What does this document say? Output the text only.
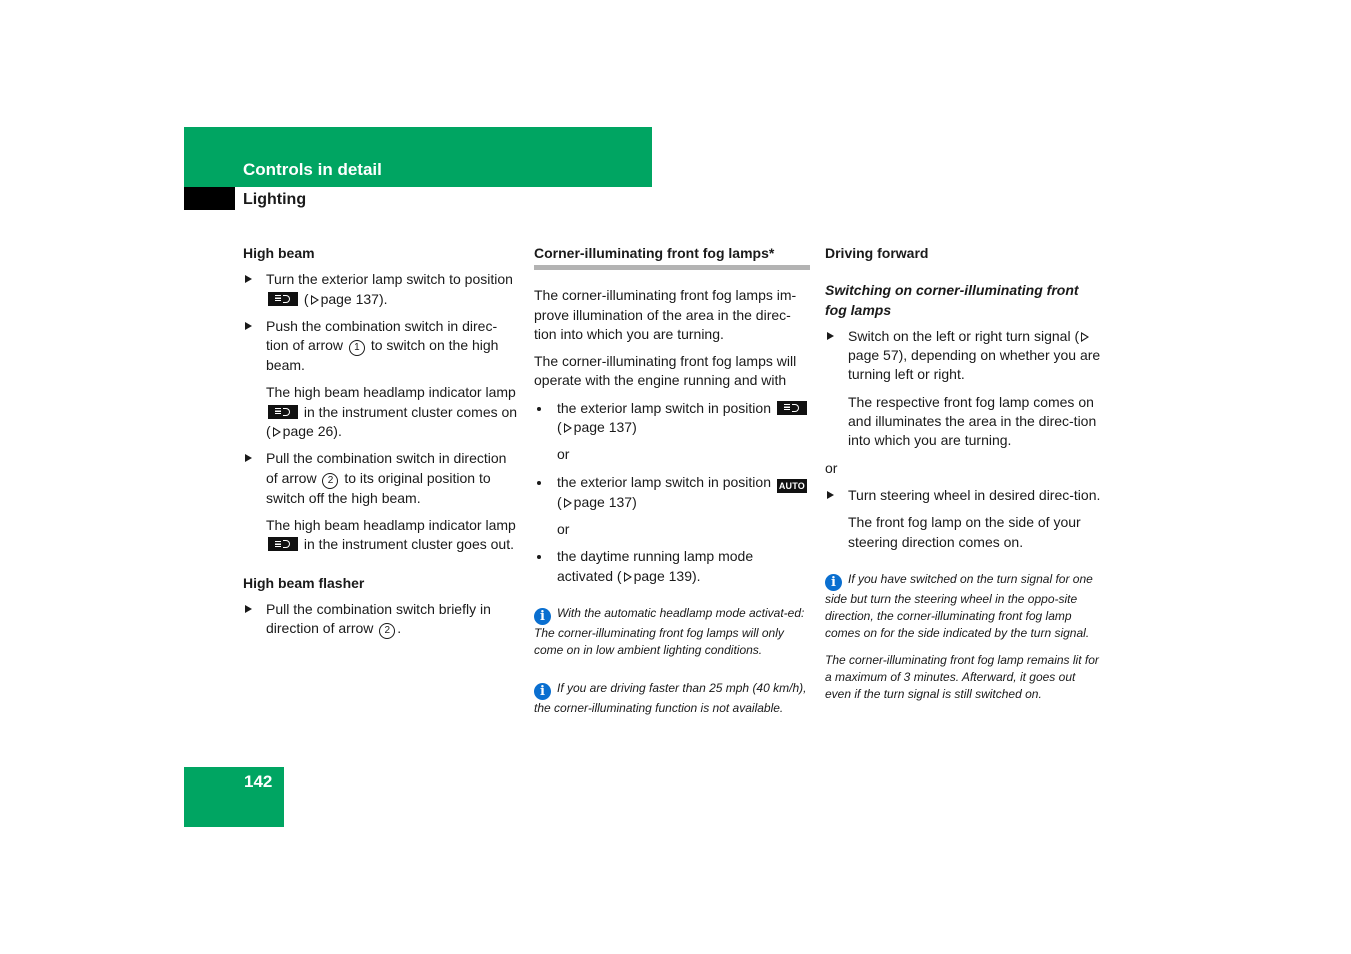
Controls in detail
Lighting
High beam
Turn the exterior lamp switch to position  ( page 137).
Push the combination switch in direc-tion of arrow 1 to switch on the high beam.
The high beam headlamp indicator lamp  in the instrument cluster comes on ( page 26).
Pull the combination switch in direction of arrow 2 to its original position to switch off the high beam.
The high beam headlamp indicator lamp  in the instrument cluster goes out.
High beam flasher
Pull the combination switch briefly in direction of arrow 2 .
Corner-illuminating front fog lamps*

The corner-illuminating front fog lamps im-prove illumination of the area in the direc-tion into which you are turning.

The corner-illuminating front fog lamps will operate with the engine running and with

the exterior lamp switch in position  ( page 137)
or
the exterior lamp switch in position AUTO ( page 137)
or
the daytime running lamp mode activated ( page 139).
i With the automatic headlamp mode activat-ed: The corner-illuminating front fog lamps will only come on in low ambient lighting conditions.
i If you are driving faster than 25 mph (40 km/h), the corner-illuminating function is not available.
Driving forward
Switching on corner-illuminating front fog lamps
Switch on the left or right turn signal (page 57), depending on whether you are turning left or right.
The respective front fog lamp comes on and illuminates the area in the direc-tion into which you are turning.
or
Turn steering wheel in desired direc-tion.
The front fog lamp on the side of your steering direction comes on.
i If you have switched on the turn signal for one side but turn the steering wheel in the oppo-site direction, the corner-illuminating front fog lamp comes on for the side indicated by the turn signal.
The corner-illuminating front fog lamp remains lit for a maximum of 3 minutes. Afterward, it goes out even if the turn signal is still switched on.
142
